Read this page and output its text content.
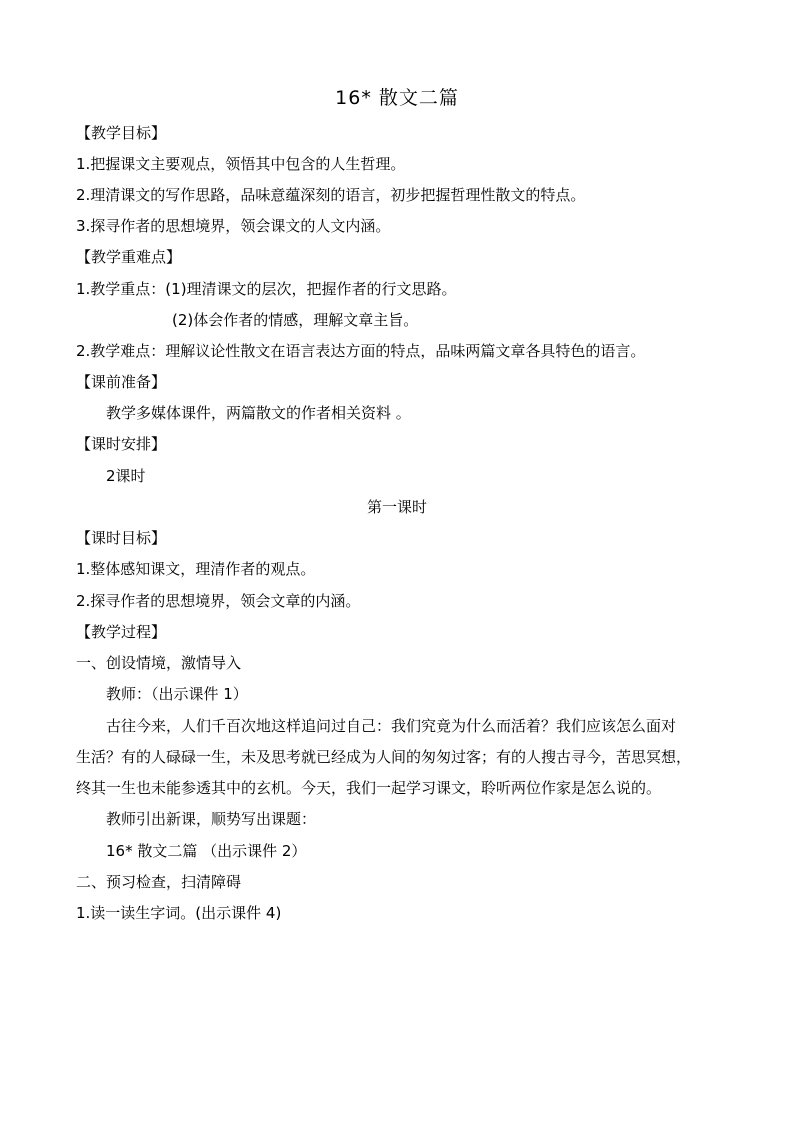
16* 散文二篇
【教学目标】
1.把握课文主要观点，领悟其中包含的人生哲理。
2.理清课文的写作思路，品味意蕴深刻的语言，初步把握哲理性散文的特点。
3.探寻作者的思想境界，领会课文的人文内涵。
【教学重难点】
1.教学重点：(1)理清课文的层次，把握作者的行文思路。
(2)体会作者的情感，理解文章主旨。
2.教学难点：理解议论性散文在语言表达方面的特点，品味两篇文章各具特色的语言。
【课前准备】
教学多媒体课件，两篇散文的作者相关资料 。
【课时安排】
2课时
第一课时
【课时目标】
1.整体感知课文，理清作者的观点。
2.探寻作者的思想境界，领会文章的内涵。
【教学过程】
一、创设情境，激情导入
教师：（出示课件 1）
古往今来，人们千百次地这样追问过自己：我们究竟为什么而活着？我们应该怎么面对
生活？有的人碌碌一生，未及思考就已经成为人间的匆匆过客；有的人搜古寻今，苦思冥想，
终其一生也未能参透其中的玄机。今天，我们一起学习课文，聆听两位作家是怎么说的。
教师引出新课，顺势写出课题：
16* 散文二篇 （出示课件 2）
二、预习检查，扫清障碍
1.读一读生字词。(出示课件 4)
